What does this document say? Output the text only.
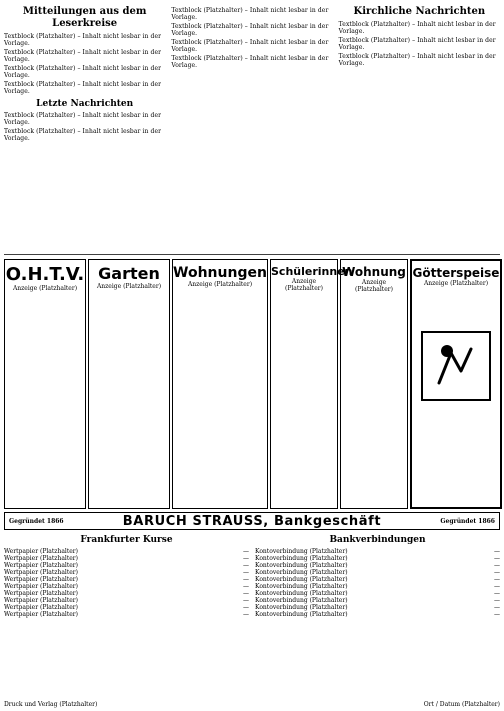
Mitteilungen aus dem Leserkreise

Textblock (Platzhalter) – Inhalt nicht lesbar in der Vorlage.

Textblock (Platzhalter) – Inhalt nicht lesbar in der Vorlage.

Textblock (Platzhalter) – Inhalt nicht lesbar in der Vorlage.

Textblock (Platzhalter) – Inhalt nicht lesbar in der Vorlage.

Letzte Nachrichten

Textblock (Platzhalter) – Inhalt nicht lesbar in der Vorlage.

Textblock (Platzhalter) – Inhalt nicht lesbar in der Vorlage.

Textblock (Platzhalter) – Inhalt nicht lesbar in der Vorlage.

Textblock (Platzhalter) – Inhalt nicht lesbar in der Vorlage.

Textblock (Platzhalter) – Inhalt nicht lesbar in der Vorlage.

Textblock (Platzhalter) – Inhalt nicht lesbar in der Vorlage.

Kirchliche Nachrichten

Textblock (Platzhalter) – Inhalt nicht lesbar in der Vorlage.

Textblock (Platzhalter) – Inhalt nicht lesbar in der Vorlage.

Textblock (Platzhalter) – Inhalt nicht lesbar in der Vorlage.

O.H.T.V.
Anzeige (Platzhalter)
Garten
Anzeige (Platzhalter)
Wohnungen
Anzeige (Platzhalter)
Schülerinnen
Anzeige (Platzhalter)
Wohnung
Anzeige (Platzhalter)
Götterspeise
Anzeige (Platzhalter)
Gegründet 1866	BARUCH STRAUSS, Bankgeschäft	Gegründet 1866
Frankfurter Kurse
Wertpapier (Platzhalter)	—
Wertpapier (Platzhalter)	—
Wertpapier (Platzhalter)	—
Wertpapier (Platzhalter)	—
Wertpapier (Platzhalter)	—
Wertpapier (Platzhalter)	—
Wertpapier (Platzhalter)	—
Wertpapier (Platzhalter)	—
Wertpapier (Platzhalter)	—
Wertpapier (Platzhalter)	—
Bankverbindungen
Kontoverbindung (Platzhalter)	—
Kontoverbindung (Platzhalter)	—
Kontoverbindung (Platzhalter)	—
Kontoverbindung (Platzhalter)	—
Kontoverbindung (Platzhalter)	—
Kontoverbindung (Platzhalter)	—
Kontoverbindung (Platzhalter)	—
Kontoverbindung (Platzhalter)	—
Kontoverbindung (Platzhalter)	—
Kontoverbindung (Platzhalter)	—
Druck und Verlag (Platzhalter)	Ort / Datum (Platzhalter)
